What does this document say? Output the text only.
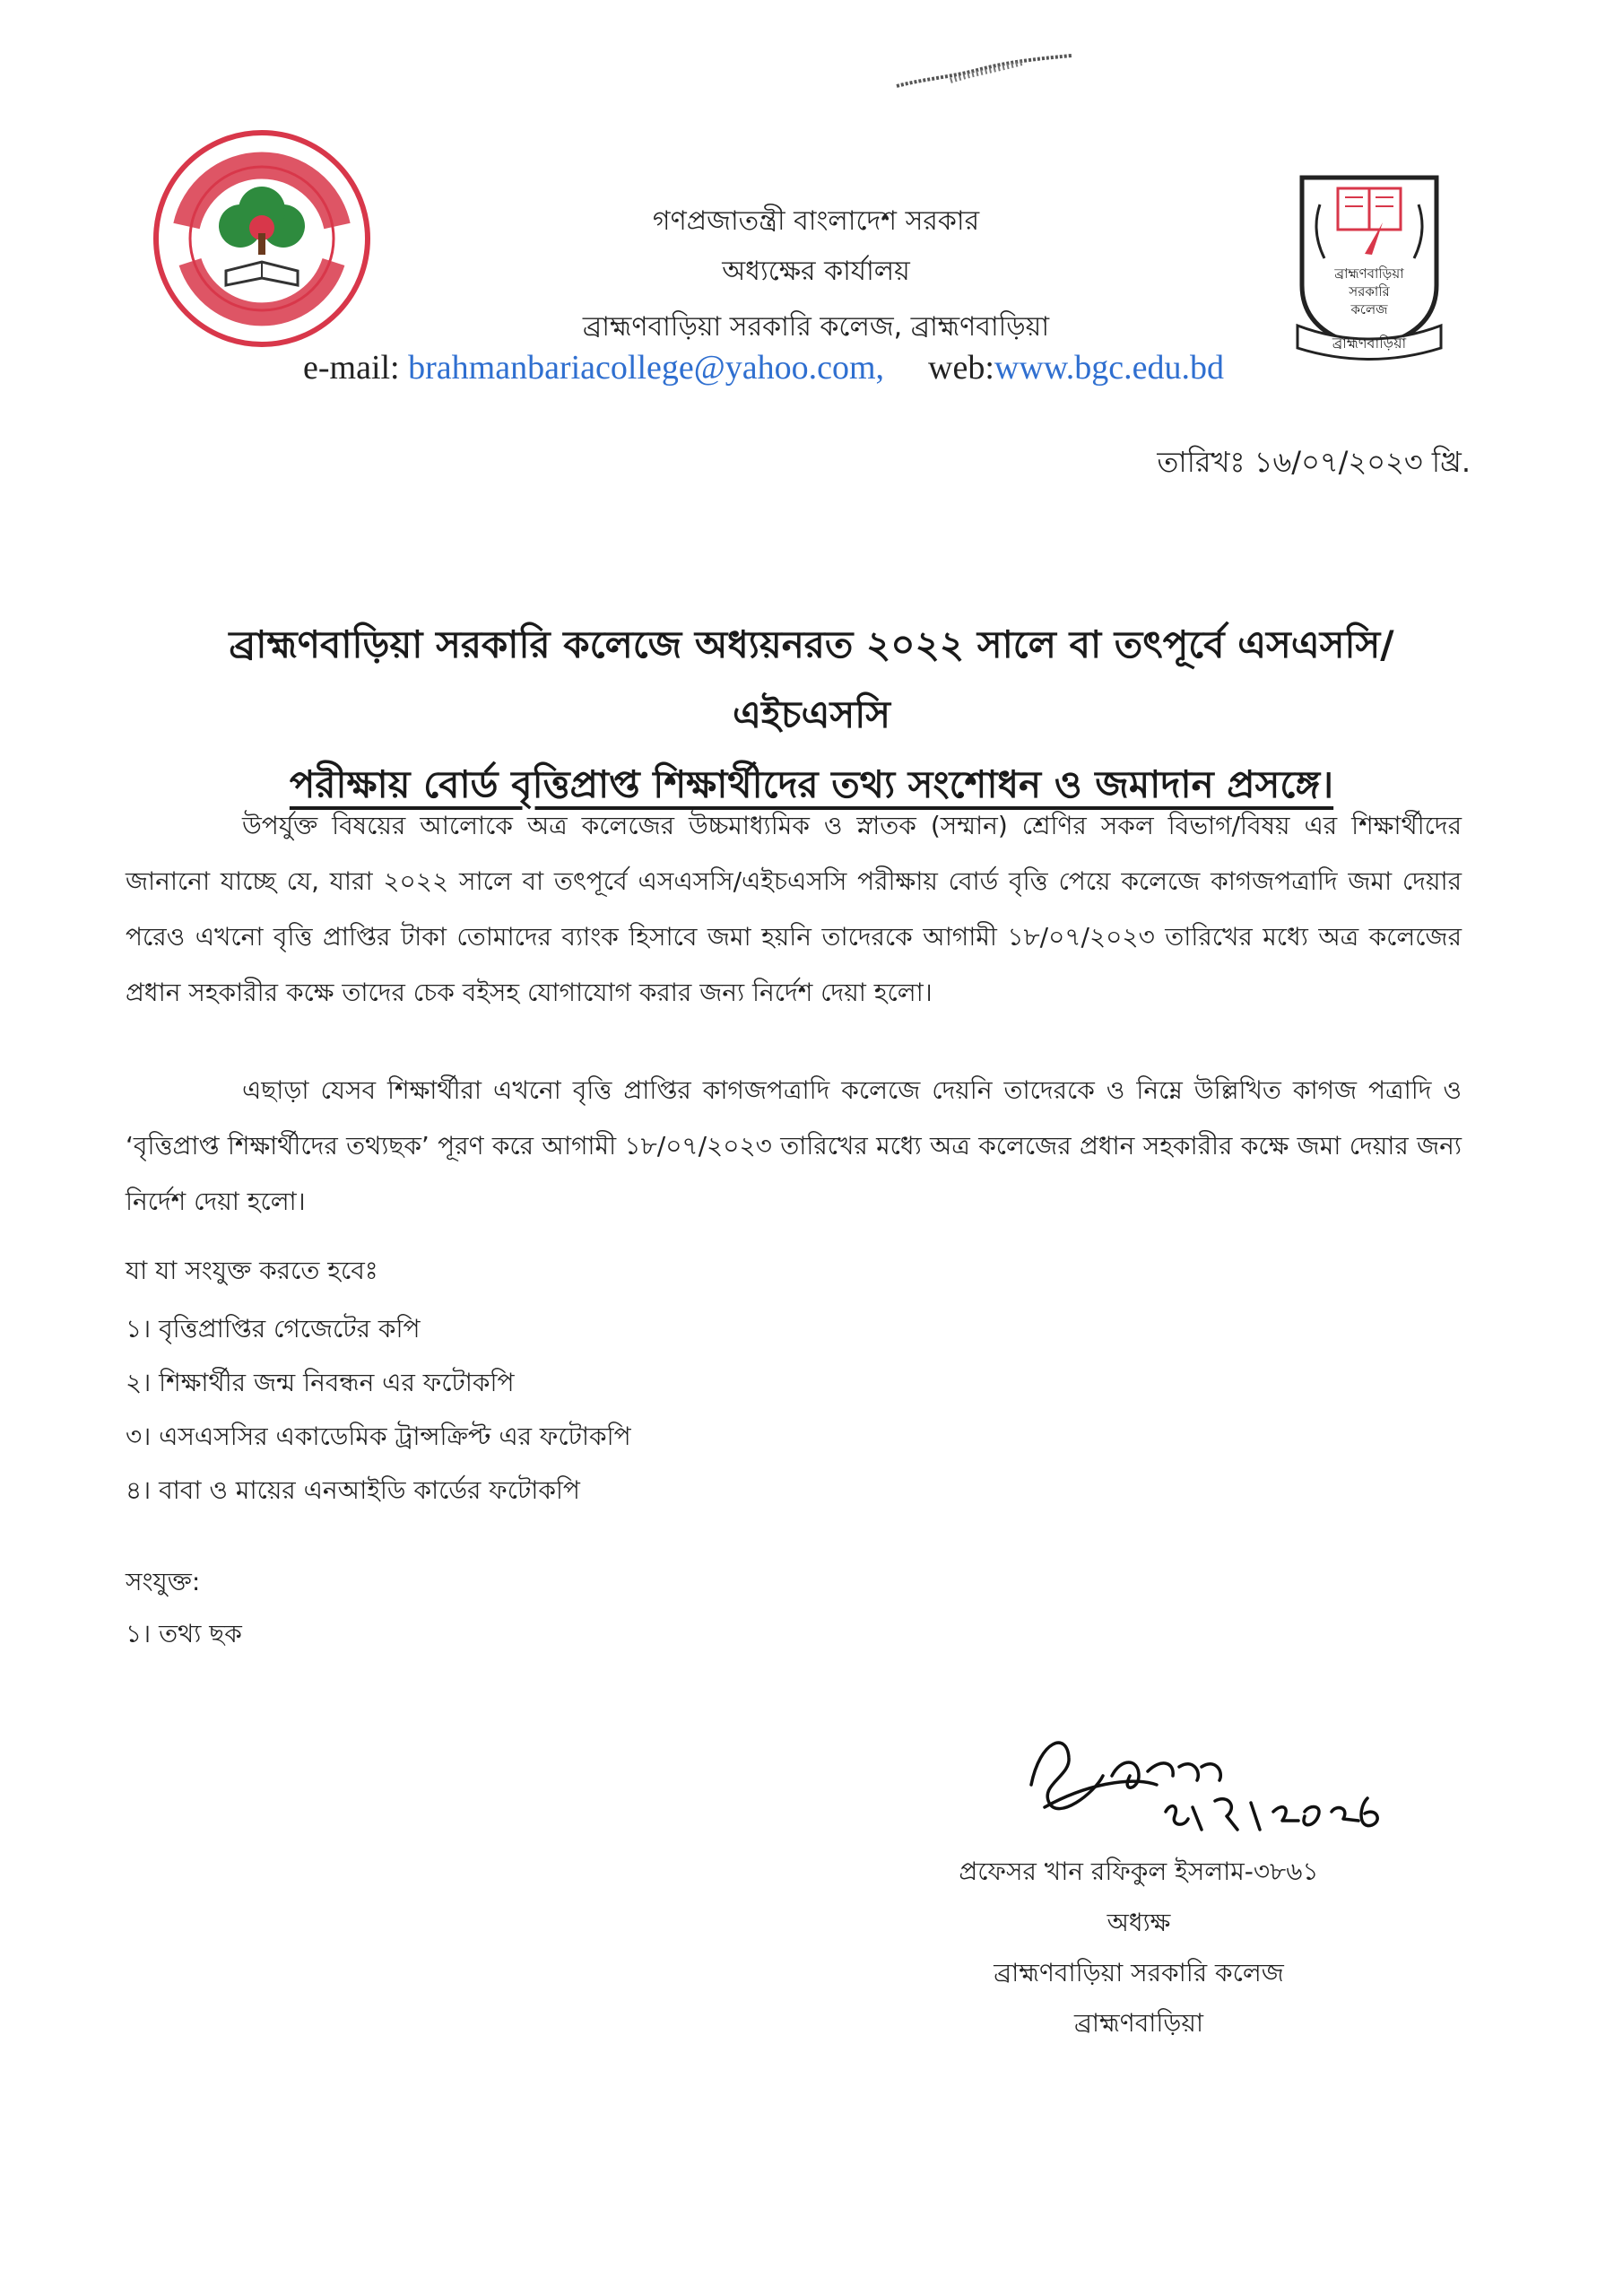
ব্রাহ্মণবাড়িয়া
সরকারি
কলেজ
ব্রাহ্মণবাড়িয়া
গণপ্রজাতন্ত্রী বাংলাদেশ সরকার
অধ্যক্ষের কার্যালয়
ব্রাহ্মণবাড়িয়া সরকারি কলেজ, ব্রাহ্মণবাড়িয়া
e-mail: brahmanbariacollege@yahoo.com, web:www.bgc.edu.bd
তারিখঃ ১৬/০৭/২০২৩ খ্রি.
ব্রাহ্মণবাড়িয়া সরকারি কলেজে অধ্যয়নরত ২০২২ সালে বা তৎপূর্বে এসএসসি/ এইচএসসি
পরীক্ষায় বোর্ড বৃত্তিপ্রাপ্ত শিক্ষার্থীদের তথ্য সংশোধন ও জমাদান প্রসঙ্গে।
উপর্যুক্ত বিষয়ের আলোকে অত্র কলেজের উচ্চমাধ্যমিক ও স্নাতক (সম্মান) শ্রেণির সকল বিভাগ/বিষয় এর শিক্ষার্থীদের জানানো যাচ্ছে যে, যারা ২০২২ সালে বা তৎপূর্বে এসএসসি/এইচএসসি পরীক্ষায় বোর্ড বৃত্তি পেয়ে কলেজে কাগজপত্রাদি জমা দেয়ার পরেও এখনো বৃত্তি প্রাপ্তির টাকা তোমাদের ব্যাংক হিসাবে জমা হয়নি তাদেরকে আগামী ১৮/০৭/২০২৩ তারিখের মধ্যে অত্র কলেজের প্রধান সহকারীর কক্ষে তাদের চেক বইসহ যোগাযোগ করার জন্য নির্দেশ দেয়া হলো।
এছাড়া যেসব শিক্ষার্থীরা এখনো বৃত্তি প্রাপ্তির কাগজপত্রাদি কলেজে দেয়নি তাদেরকে ও নিম্নে উল্লিখিত কাগজ পত্রাদি ও ‘বৃত্তিপ্রাপ্ত শিক্ষার্থীদের তথ্যছক’ পূরণ করে আগামী ১৮/০৭/২০২৩ তারিখের মধ্যে অত্র কলেজের প্রধান সহকারীর কক্ষে জমা দেয়ার জন্য নির্দেশ দেয়া হলো।
যা যা সংযুক্ত করতে হবেঃ
১। বৃত্তিপ্রাপ্তির গেজেটের কপি
২। শিক্ষার্থীর জন্ম নিবন্ধন এর ফটোকপি
৩। এসএসসির একাডেমিক ট্রান্সক্রিপ্ট এর ফটোকপি
৪। বাবা ও মায়ের এনআইডি কার্ডের ফটোকপি
সংযুক্ত:
১। তথ্য ছক
প্রফেসর খান রফিকুল ইসলাম-৩৮৬১
অধ্যক্ষ
ব্রাহ্মণবাড়িয়া সরকারি কলেজ
ব্রাহ্মণবাড়িয়া
